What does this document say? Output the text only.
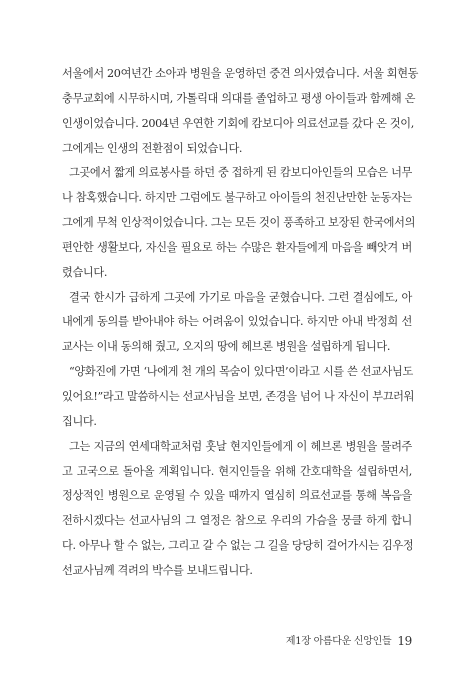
서울에서 20여년간 소아과 병원을 운영하던 중견 의사였습니다. 서울 회현동
충무교회에 시무하시며, 가톨릭대 의대를 졸업하고 평생 아이들과 함께해 온
인생이었습니다. 2004년 우연한 기회에 캄보디아 의료선교를 갔다 온 것이,
그에게는 인생의 전환점이 되었습니다.
그곳에서 짧게 의료봉사를 하던 중 접하게 된 캄보디아인들의 모습은 너무
나 참혹했습니다. 하지만 그럼에도 불구하고 아이들의 천진난만한 눈동자는
그에게 무척 인상적이었습니다. 그는 모든 것이 풍족하고 보장된 한국에서의
편안한 생활보다, 자신을 필요로 하는 수많은 환자들에게 마음을 빼앗겨 버
렸습니다.
결국 한시가 급하게 그곳에 가기로 마음을 굳혔습니다. 그런 결심에도, 아
내에게 동의를 받아내야 하는 어려움이 있었습니다. 하지만 아내 박정희 선
교사는 이내 동의해 줬고, 오지의 땅에 헤브론 병원을 설립하게 됩니다.
“양화진에 가면 ‘나에게 천 개의 목숨이 있다면’이라고 시를 쓴 선교사님도
있어요!”라고 말씀하시는 선교사님을 보면, 존경을 넘어 나 자신이 부끄러워
집니다.
그는 지금의 연세대학교처럼 훗날 현지인들에게 이 헤브론 병원을 물려주
고 고국으로 돌아올 계획입니다. 현지인들을 위해 간호대학을 설립하면서,
정상적인 병원으로 운영될 수 있을 때까지 열심히 의료선교를 통해 복음을
전하시겠다는 선교사님의 그 열정은 참으로 우리의 가슴을 뭉클 하게 합니
다. 아무나 할 수 없는, 그리고 갈 수 없는 그 길을 당당히 걸어가시는 김우정
선교사님께 격려의 박수를 보내드립니다.
제1장 아름다운 신앙인들 19
